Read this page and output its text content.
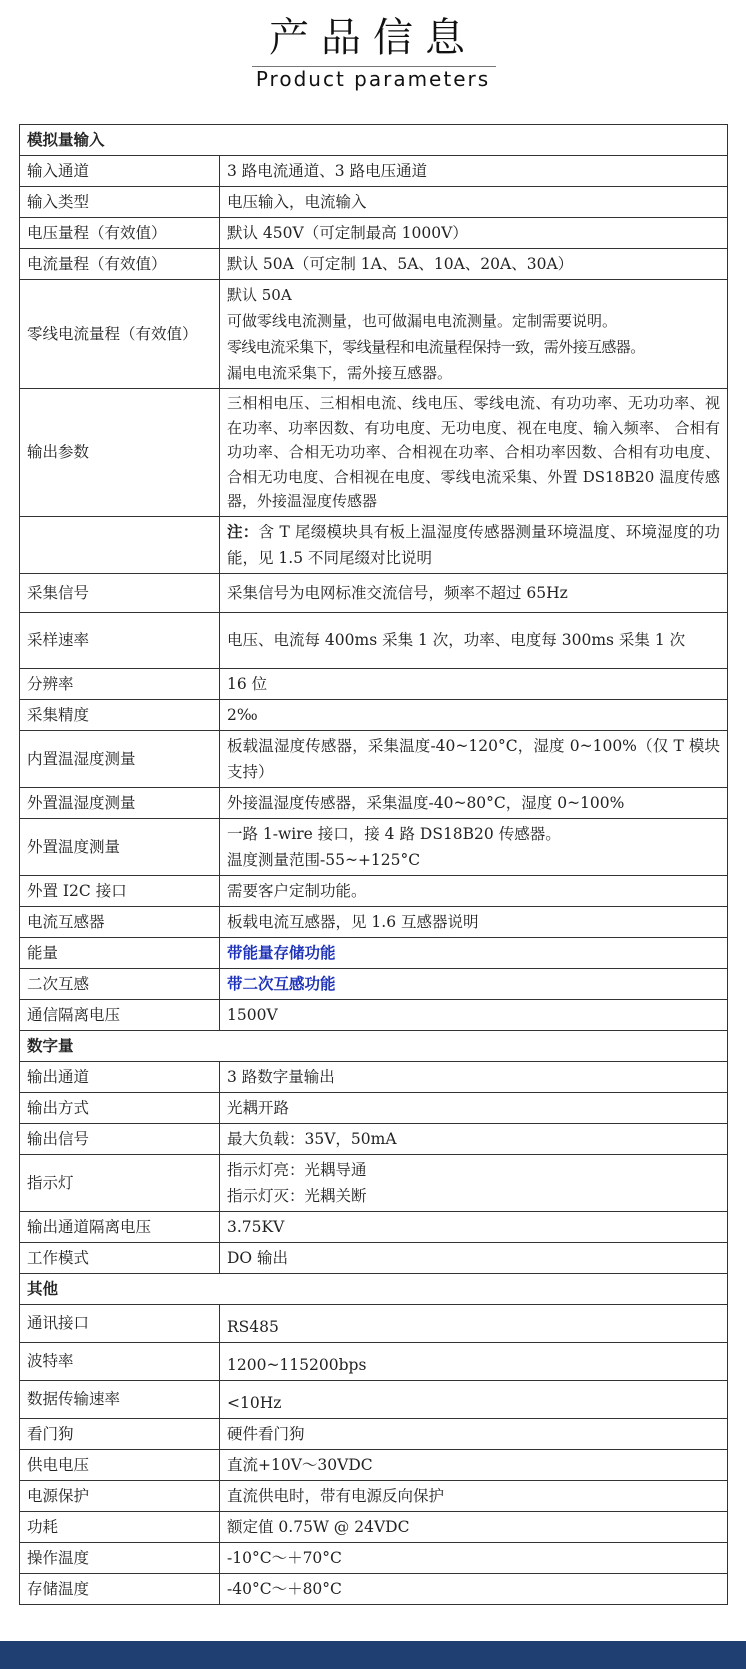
产品信息
Product parameters
模拟量输入	
输入通道	3 路电流通道、3 路电压通道
输入类型	电压输入，电流输入
电压量程（有效值）	默认 450V（可定制最高 1000V）
电流量程（有效值）	默认 50A（可定制 1A、5A、10A、20A、30A）
零线电流量程（有效值）	默认 50A
可做零线电流测量，也可做漏电电流测量。定制需要说明。
零线电流采集下，零线量程和电流量程保持一致，需外接互感器。
漏电电流采集下，需外接互感器。

输出参数	三相相电压、三相相电流、线电压、零线电流、有功功率、无功功率、视在功率、功率因数、有功电度、无功电度、视在电度、输入频率、 合相有功功率、合相无功功率、合相视在功率、合相功率因数、合相有功电度、合相无功电度、合相视在电度、零线电流采集、外置 DS18B20 温度传感器，外接温湿度传感器
	注：含 T 尾缀模块具有板上温湿度传感器测量环境温度、环境湿度的功能，见 1.5 不同尾缀对比说明
采集信号	采集信号为电网标准交流信号，频率不超过 65Hz
采样速率	电压、电流每 400ms 采集 1 次，功率、电度每 300ms 采集 1 次
分辨率	16 位
采集精度	2‰
内置温湿度测量	板载温湿度传感器，采集温度-40~120°C，湿度 0~100%（仅 T 模块支持）
外置温湿度测量	外接温湿度传感器，采集温度-40~80°C，湿度 0~100%
外置温度测量	一路 1-wire 接口，接 4 路 DS18B20 传感器。
温度测量范围-55~+125°C

外置 I2C 接口	需要客户定制功能。
电流互感器	板载电流互感器，见 1.6 互感器说明
能量	带能量存储功能
二次互感	带二次互感功能
通信隔离电压	1500V
数字量	
输出通道	3 路数字量输出
输出方式	光耦开路
输出信号	最大负载：35V，50mA
指示灯	指示灯亮：光耦导通
指示灯灭：光耦关断

输出通道隔离电压	3.75KV
工作模式	DO 输出
其他	
通讯接口	RS485
波特率	1200~115200bps
数据传输速率	<10Hz
看门狗	硬件看门狗
供电电压	直流+10V～30VDC
电源保护	直流供电时，带有电源反向保护
功耗	额定值 0.75W @ 24VDC
操作温度	-10°C～＋70°C
存储温度	-40°C～＋80°C
